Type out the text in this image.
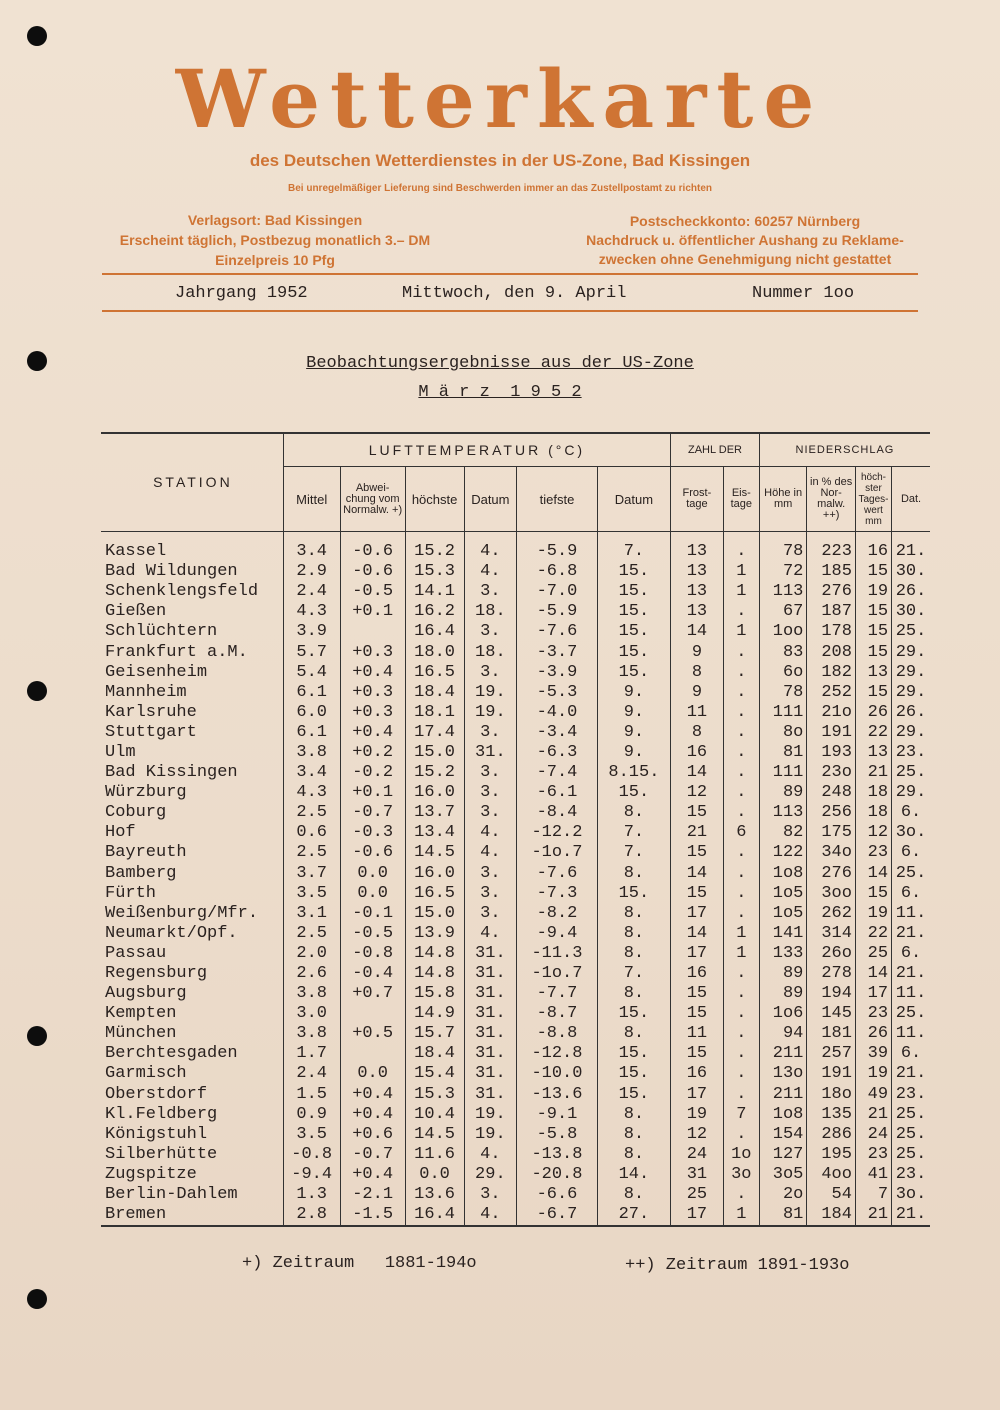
Wetterkarte
des Deutschen Wetterdienstes in der US-Zone, Bad Kissingen
Bei unregelmäßiger Lieferung sind Beschwerden immer an das Zustellpostamt zu richten
Verlagsort: Bad Kissingen
Erscheint täglich, Postbezug monatlich 3.– DM
Einzelpreis 10 Pfg
Postscheckkonto: 60257 Nürnberg
Nachdruck u. öffentlicher Aushang zu Reklame-
zwecken ohne Genehmigung nicht gestattet
Jahrgang 1952	Mittwoch, den 9. April	Nummer 1oo
Beobachtungsergebnisse aus der US-Zone
M ä r z  1 9 5 2
STATION	LUFTTEMPERATUR (°C)						ZAHL DER		NIEDERSCHLAG			
	Mittel	Abwei-chung vom Normalw. +)	höchste	Datum	tiefste	Datum	Frost-tage	Eis-tage	Höhe in mm	in % des Nor-malw. ++)	höch-ster Tages-wert mm	Dat.

Kassel	3.4	-0.6	15.2	4.	-5.9	7.	13	.	78	223	16	21.
Bad Wildungen	2.9	-0.6	15.3	4.	-6.8	15.	13	1	72	185	15	30.
Schenklengsfeld	2.4	-0.5	14.1	3.	-7.0	15.	13	1	113	276	19	26.
Gießen	4.3	+0.1	16.2	18.	-5.9	15.	13	.	67	187	15	30.
Schlüchtern	3.9		16.4	3.	-7.6	15.	14	1	1oo	178	15	25.
Frankfurt a.M.	5.7	+0.3	18.0	18.	-3.7	15.	9	.	83	208	15	29.
Geisenheim	5.4	+0.4	16.5	3.	-3.9	15.	8	.	6o	182	13	29.
Mannheim	6.1	+0.3	18.4	19.	-5.3	9.	9	.	78	252	15	29.
Karlsruhe	6.0	+0.3	18.1	19.	-4.0	9.	11	.	111	21o	26	26.
Stuttgart	6.1	+0.4	17.4	3.	-3.4	9.	8	.	8o	191	22	29.
Ulm	3.8	+0.2	15.0	31.	-6.3	9.	16	.	81	193	13	23.
Bad Kissingen	3.4	-0.2	15.2	3.	-7.4	8.15.	14	.	111	23o	21	25.
Würzburg	4.3	+0.1	16.0	3.	-6.1	15.	12	.	89	248	18	29.
Coburg	2.5	-0.7	13.7	3.	-8.4	8.	15	.	113	256	18	6.
Hof	0.6	-0.3	13.4	4.	-12.2	7.	21	6	82	175	12	3o.
Bayreuth	2.5	-0.6	14.5	4.	-1o.7	7.	15	.	122	34o	23	6.
Bamberg	3.7	0.0	16.0	3.	-7.6	8.	14	.	1o8	276	14	25.
Fürth	3.5	0.0	16.5	3.	-7.3	15.	15	.	1o5	3oo	15	6.
Weißenburg/Mfr.	3.1	-0.1	15.0	3.	-8.2	8.	17	.	1o5	262	19	11.
Neumarkt/Opf.	2.5	-0.5	13.9	4.	-9.4	8.	14	1	141	314	22	21.
Passau	2.0	-0.8	14.8	31.	-11.3	8.	17	1	133	26o	25	6.
Regensburg	2.6	-0.4	14.8	31.	-1o.7	7.	16	.	89	278	14	21.
Augsburg	3.8	+0.7	15.8	31.	-7.7	8.	15	.	89	194	17	11.
Kempten	3.0		14.9	31.	-8.7	15.	15	.	1o6	145	23	25.
München	3.8	+0.5	15.7	31.	-8.8	8.	11	.	94	181	26	11.
Berchtesgaden	1.7		18.4	31.	-12.8	15.	15	.	211	257	39	6.
Garmisch	2.4	0.0	15.4	31.	-10.0	15.	16	.	13o	191	19	21.
Oberstdorf	1.5	+0.4	15.3	31.	-13.6	15.	17	.	211	18o	49	23.
Kl.Feldberg	0.9	+0.4	10.4	19.	-9.1	8.	19	7	1o8	135	21	25.
Königstuhl	3.5	+0.6	14.5	19.	-5.8	8.	12	.	154	286	24	25.
Silberhütte	-0.8	-0.7	11.6	4.	-13.8	8.	24	1o	127	195	23	25.
Zugspitze	-9.4	+0.4	0.0	29.	-20.8	14.	31	3o	3o5	4oo	41	23.
Berlin-Dahlem	1.3	-2.1	13.6	3.	-6.6	8.	25	.	2o	54	7	3o.
Bremen	2.8	-1.5	16.4	4.	-6.7	27.	17	1	81	184	21	21.
+) Zeitraum   1881-194o	++) Zeitraum 1891-193o
